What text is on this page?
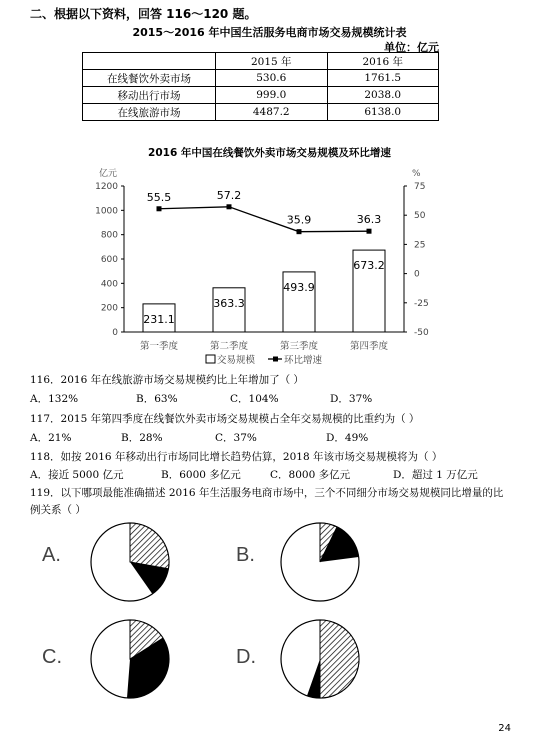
二、根据以下资料，回答 116～120 题。
2015～2016 年中国生活服务电商市场交易规模统计表
单位：亿元
	2015 年	2016 年
在线餐饮外卖市场	530.6	1761.5
移动出行市场	999.0	2038.0
在线旅游市场	4487.2	6138.0
2016 年中国在线餐饮外卖市场交易规模及环比增速
亿元	%
0
200
400
600
800
1000
1200
-50
-25
0
25
50
75
231.1
第一季度
363.3
第二季度
493.9
第三季度
673.2
第四季度
55.5	57.2
35.9	36.3
交易规模	环比增速
116．2016 年在线旅游市场交易规模约比上年增加了（ ）
A．132%	B．63%	C．104%	D．37%
117．2015 年第四季度在线餐饮外卖市场交易规模占全年交易规模的比重约为（ ）
A．21%	B．28%	C．37%	D．49%
118．如按 2016 年移动出行市场同比增长趋势估算，2018 年该市场交易规模将为（ ）
A．接近 5000 亿元	B．6000 多亿元	C．8000 多亿元	D．超过 1 万亿元
119．以下哪项最能准确描述 2016 年生活服务电商市场中，三个不同细分市场交易规模同比增量的比
例关系（ ）
A.	B.
C.	D.
24
